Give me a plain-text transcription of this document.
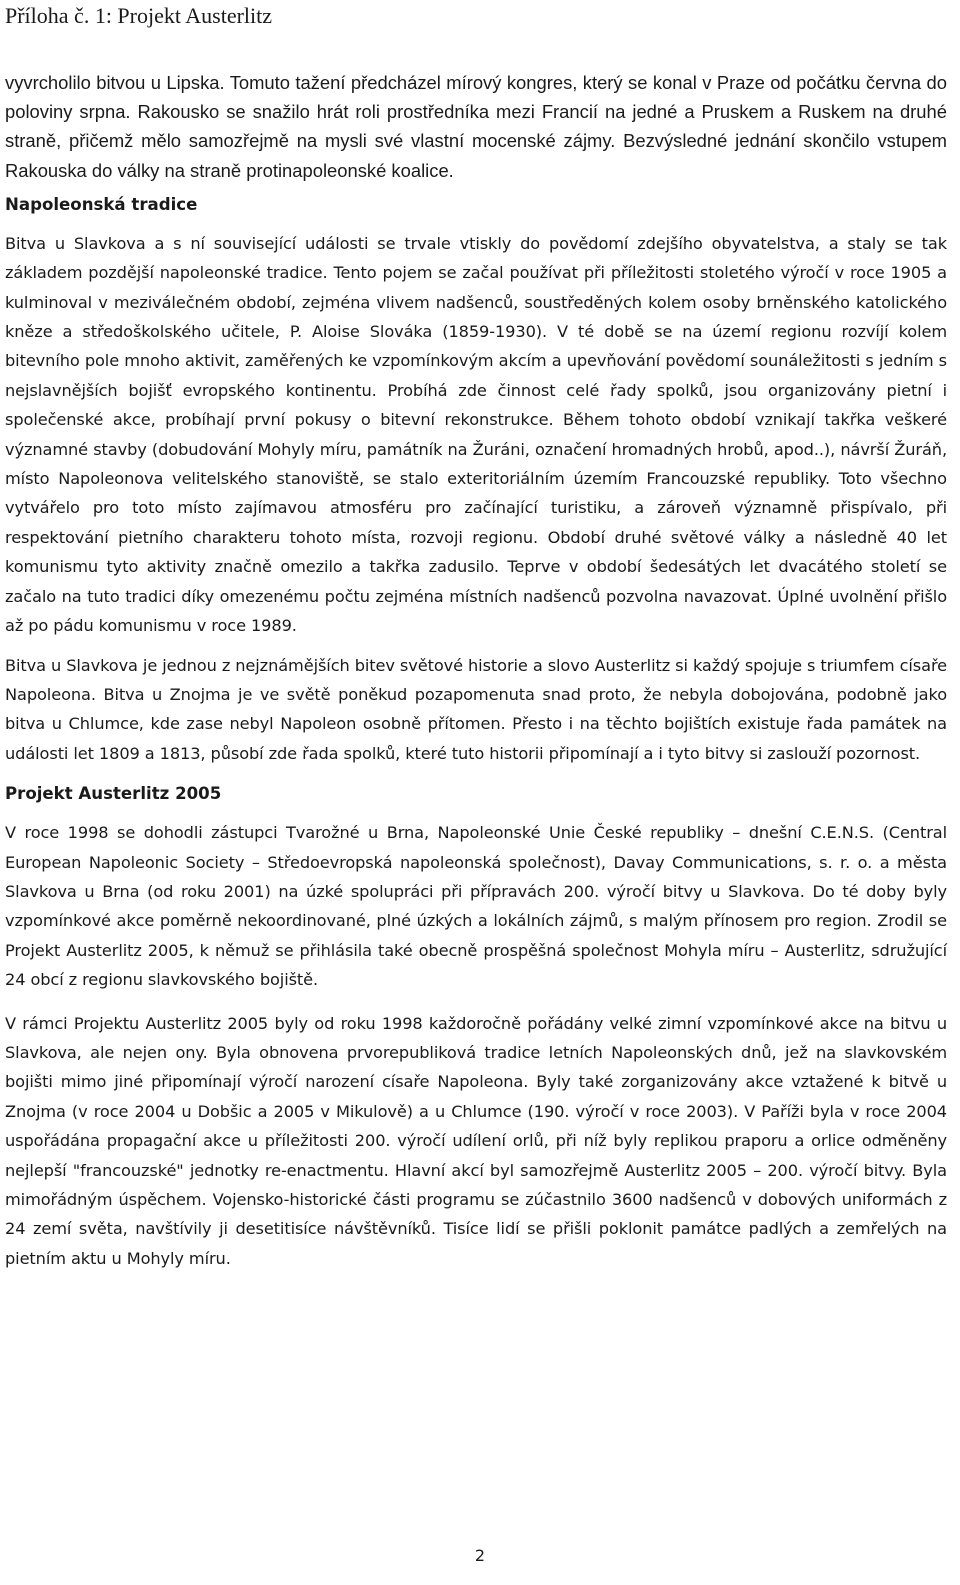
Příloha č. 1: Projekt Austerlitz

vyvrcholilo bitvou u Lipska. Tomuto tažení předcházel mírový kongres, který se konal v Praze od počátku června do poloviny srpna. Rakousko se snažilo hrát roli prostředníka mezi Francií na jedné a Pruskem a Ruskem na druhé straně, přičemž mělo samozřejmě na mysli své vlastní mocenské zájmy. Bezvýsledné jednání skončilo vstupem Rakouska do války na straně protinapoleonské koalice.

Napoleonská tradice

Bitva u Slavkova a s ní související události se trvale vtiskly do povědomí zdejšího obyvatelstva, a staly se tak základem pozdější napoleonské tradice. Tento pojem se začal používat při příležitosti stoletého výročí v roce 1905 a kulminoval v meziválečném období, zejména vlivem nadšenců, soustředěných kolem osoby brněnského katolického kněze a středoškolského učitele, P. Aloise Slováka (1859-1930). V té době se na území regionu rozvíjí kolem bitevního pole mnoho aktivit, zaměřených ke vzpomínkovým akcím a upevňování povědomí sounáležitosti s jedním s nejslavnějších bojišť evropského kontinentu. Probíhá zde činnost celé řady spolků, jsou organizovány pietní i společenské akce, probíhají první pokusy o bitevní rekonstrukce. Během tohoto období vznikají takřka veškeré významné stavby (dobudování Mohyly míru, památník na Žuráni, označení hromadných hrobů, apod..), návrší Žuráň, místo Napoleonova velitelského stanoviště, se stalo exteritoriálním územím Francouzské republiky. Toto všechno vytvářelo pro toto místo zajímavou atmosféru pro začínající turistiku, a zároveň významně přispívalo, při respektování pietního charakteru tohoto místa, rozvoji regionu. Období druhé světové války a následně 40 let komunismu tyto aktivity značně omezilo a takřka zadusilo. Teprve v období šedesátých let dvacátého století se začalo na tuto tradici díky omezenému počtu zejména místních nadšenců pozvolna navazovat. Úplné uvolnění přišlo až po pádu komunismu v roce 1989.

Bitva u Slavkova je jednou z nejznámějších bitev světové historie a slovo Austerlitz si každý spojuje s triumfem císaře Napoleona. Bitva u Znojma je ve světě poněkud pozapomenuta snad proto, že nebyla dobojována, podobně jako bitva u Chlumce, kde zase nebyl Napoleon osobně přítomen. Přesto i na těchto bojištích existuje řada památek na události let 1809 a 1813, působí zde řada spolků, které tuto historii připomínají a i tyto bitvy si zaslouží pozornost.

Projekt Austerlitz 2005

V roce 1998 se dohodli zástupci Tvarožné u Brna, Napoleonské Unie České republiky – dnešní C.E.N.S. (Central European Napoleonic Society – Středoevropská napoleonská společnost), Davay Communications, s. r. o. a města Slavkova u Brna (od roku 2001) na úzké spolupráci při přípravách 200. výročí bitvy u Slavkova. Do té doby byly vzpomínkové akce poměrně nekoordinované, plné úzkých a lokálních zájmů, s malým přínosem pro region. Zrodil se Projekt Austerlitz 2005, k němuž se přihlásila také obecně prospěšná společnost Mohyla míru – Austerlitz, sdružující 24 obcí z regionu slavkovského bojiště.

V rámci Projektu Austerlitz 2005 byly od roku 1998 každoročně pořádány velké zimní vzpomínkové akce na bitvu u Slavkova, ale nejen ony. Byla obnovena prvorepubliková tradice letních Napoleonských dnů, jež na slavkovském bojišti mimo jiné připomínají výročí narození císaře Napoleona. Byly také zorganizovány akce vztažené k bitvě u Znojma (v roce 2004 u Dobšic a 2005 v Mikulově) a u Chlumce (190. výročí v roce 2003). V Paříži byla v roce 2004 uspořádána propagační akce u příležitosti 200. výročí udílení orlů, při níž byly replikou praporu a orlice odměněny nejlepší "francouzské" jednotky re-enactmentu. Hlavní akcí byl samozřejmě Austerlitz 2005 – 200. výročí bitvy. Byla mimořádným úspěchem. Vojensko-historické části programu se zúčastnilo 3600 nadšenců v dobových uniformách z 24 zemí světa, navštívily ji desetitisíce návštěvníků. Tisíce lidí se přišli poklonit památce padlých a zemřelých na pietním aktu u Mohyly míru.

2
